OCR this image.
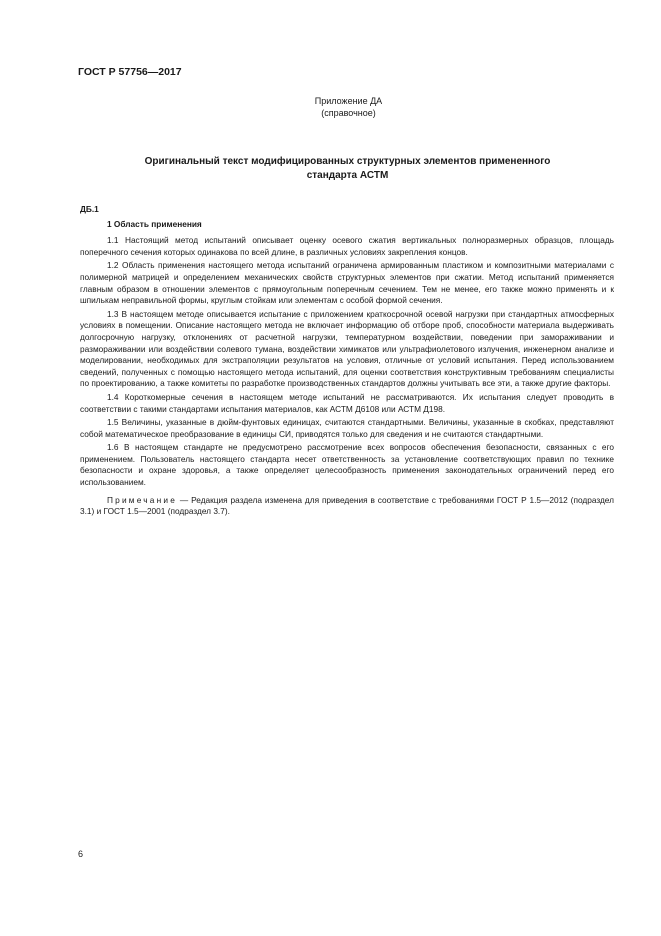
ГОСТ Р 57756—2017
Приложение ДА
(справочное)
Оригинальный текст модифицированных структурных элементов примененного
стандарта АСТМ
ДБ.1
1 Область применения

1.1 Настоящий метод испытаний описывает оценку осевого сжатия вертикальных полноразмерных образцов, площадь поперечного сечения которых одинакова по всей длине, в различных условиях закрепления концов.

1.2 Область применения настоящего метода испытаний ограничена армированным пластиком и композитными материалами с полимерной матрицей и определением механических свойств структурных элементов при сжатии. Метод испытаний применяется главным образом в отношении элементов с прямоугольным поперечным сечением. Тем не менее, его также можно применять и к шпилькам неправильной формы, круглым стойкам или элементам с особой формой сечения.

1.3 В настоящем методе описывается испытание с приложением краткосрочной осевой нагрузки при стандартных атмосферных условиях в помещении. Описание настоящего метода не включает информацию об отборе проб, способности материала выдерживать долгосрочную нагрузку, отклонениях от расчетной нагрузки, температурном воздействии, поведении при замораживании и размораживании или воздействии солевого тумана, воздействии химикатов или ультрафиолетового излучения, инженерном анализе и моделировании, необходимых для экстраполяции результатов на условия, отличные от условий испытания. Перед использованием сведений, полученных с помощью настоящего метода испытаний, для оценки соответствия конструктивным требованиям специалисты по проектированию, а также комитеты по разработке производственных стандартов должны учитывать все эти, а также другие факторы.

1.4 Короткомерные сечения в настоящем методе испытаний не рассматриваются. Их испытания следует проводить в соответствии с такими стандартами испытания материалов, как АСТМ Д6108 или АСТМ Д198.

1.5 Величины, указанные в дюйм-фунтовых единицах, считаются стандартными. Величины, указанные в скобках, представляют собой математическое преобразование в единицы СИ, приводятся только для сведения и не считаются стандартными.

1.6 В настоящем стандарте не предусмотрено рассмотрение всех вопросов обеспечения безопасности, связанных с его применением. Пользователь настоящего стандарта несет ответственность за установление соответствующих правил по технике безопасности и охране здоровья, а также определяет целесообразность применения законодательных ограничений перед его использованием.

Примечание — Редакция раздела изменена для приведения в соответствие с требованиями ГОСТ Р 1.5—2012 (подраздел 3.1) и ГОСТ 1.5—2001 (подраздел 3.7).

6
